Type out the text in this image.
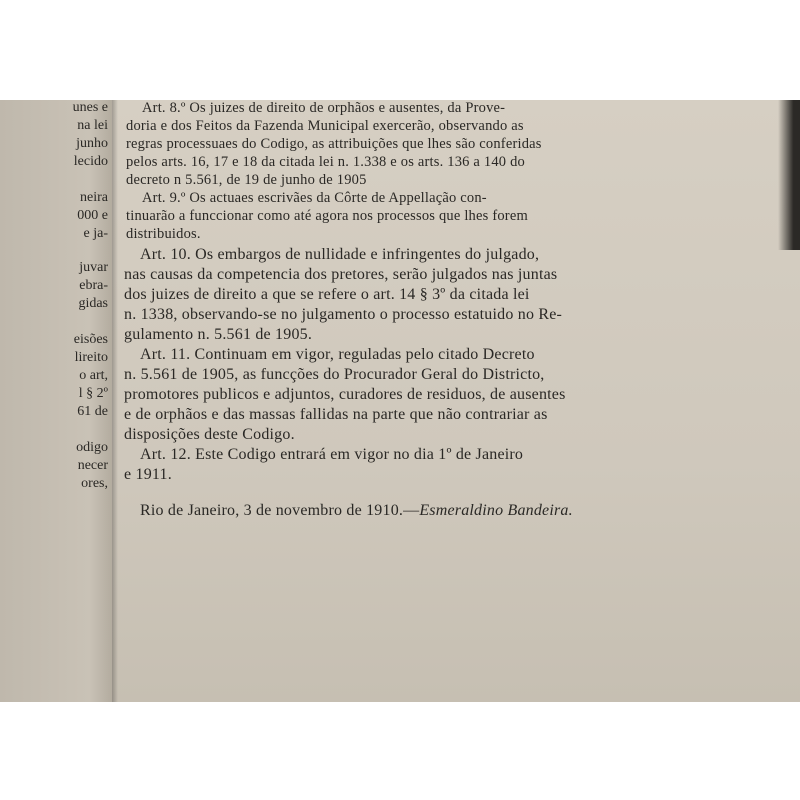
unes e
na lei
junho
lecido
neira
000 e
e ja-
juvar
ebra-
gidas
eisões
lireito
o art,
l § 2º
61 de
odigo
necer
ores,
Art. 8.º Os juizes de direito de orphãos e ausentes, da Prove-
doria e dos Feitos da Fazenda Municipal exercerão, observando as
regras processuaes do Codigo, as attribuições que lhes são conferidas
pelos arts. 16, 17 e 18 da citada lei n. 1.338 e os arts. 136 a 140 do
decreto n 5.561, de 19 de junho de 1905
Art. 9.º Os actuaes escrivães da Côrte de Appellação con-
tinuarão a funccionar como até agora nos processos que lhes forem
distribuidos.
Art. 10. Os embargos de nullidade e infringentes do julgado,
nas causas da competencia dos pretores, serão julgados nas juntas
dos juizes de direito a que se refere o art. 14 § 3º da citada lei
n. 1338, observando-se no julgamento o processo estatuido no Re-
gulamento n. 5.561 de 1905.
Art. 11. Continuam em vigor, reguladas pelo citado Decreto
n. 5.561 de 1905, as funcções do Procurador Geral do Districto,
promotores publicos e adjuntos, curadores de residuos, de ausentes
e de orphãos e das massas fallidas na parte que não contrariar as
disposições deste Codigo.
Art. 12. Este Codigo entrará em vigor no dia 1º de Janeiro
e 1911.
Rio de Janeiro, 3 de novembro de 1910.—Esmeraldino Bandeira.
